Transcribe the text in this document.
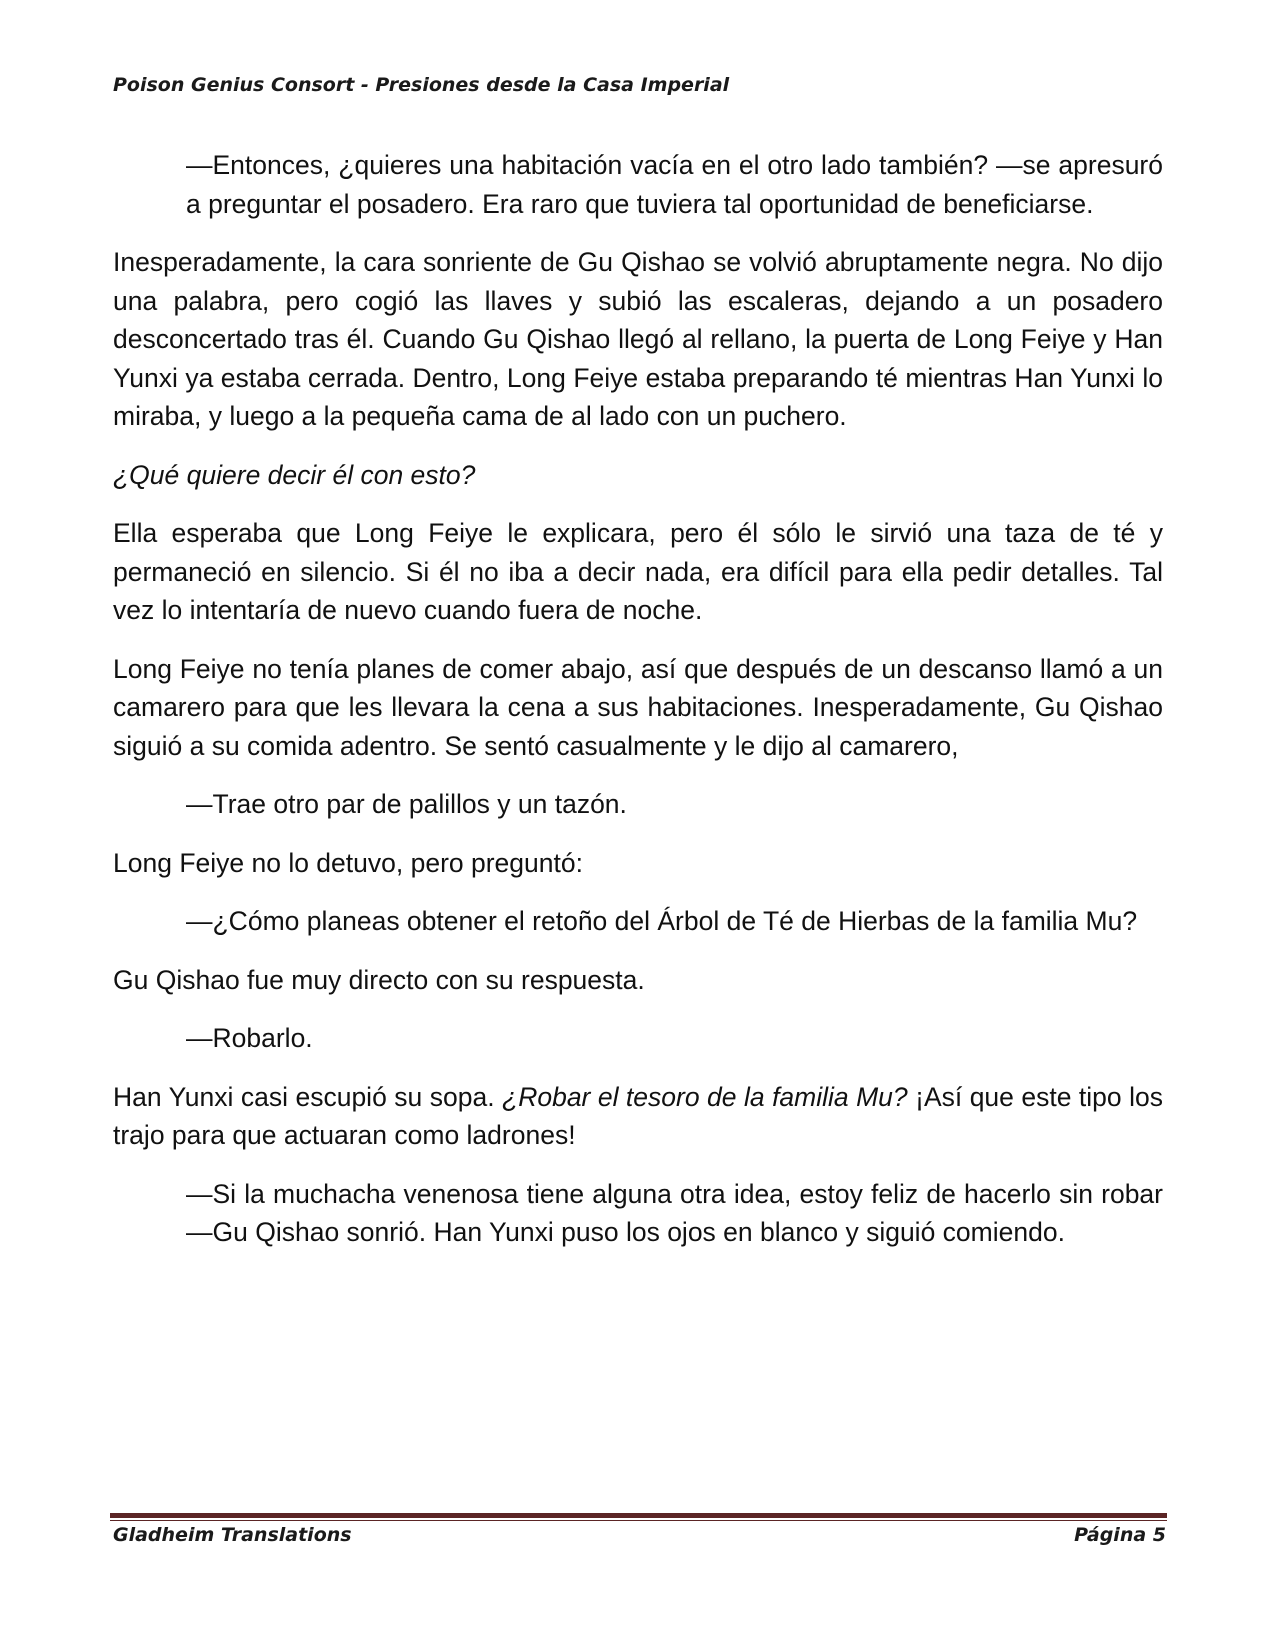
Poison Genius Consort - Presiones desde la Casa Imperial

—Entonces, ¿quieres una habitación vacía en el otro lado también? —se apresuró a preguntar el posadero. Era raro que tuviera tal oportunidad de beneficiarse.

Inesperadamente, la cara sonriente de Gu Qishao se volvió abruptamente negra. No dijo una palabra, pero cogió las llaves y subió las escaleras, dejando a un posadero desconcertado tras él. Cuando Gu Qishao llegó al rellano, la puerta de Long Feiye y Han Yunxi ya estaba cerrada. Dentro, Long Feiye estaba preparando té mientras Han Yunxi lo miraba, y luego a la pequeña cama de al lado con un puchero.

¿Qué quiere decir él con esto?

Ella esperaba que Long Feiye le explicara, pero él sólo le sirvió una taza de té y permaneció en silencio. Si él no iba a decir nada, era difícil para ella pedir detalles. Tal vez lo intentaría de nuevo cuando fuera de noche.

Long Feiye no tenía planes de comer abajo, así que después de un descanso llamó a un camarero para que les llevara la cena a sus habitaciones. Inesperadamente, Gu Qishao siguió a su comida adentro. Se sentó casualmente y le dijo al camarero,

—Trae otro par de palillos y un tazón.

Long Feiye no lo detuvo, pero preguntó:

—¿Cómo planeas obtener el retoño del Árbol de Té de Hierbas de la familia Mu?

Gu Qishao fue muy directo con su respuesta.

—Robarlo.

Han Yunxi casi escupió su sopa. ¿Robar el tesoro de la familia Mu? ¡Así que este tipo los trajo para que actuaran como ladrones!

—Si la muchacha venenosa tiene alguna otra idea, estoy feliz de hacerlo sin robar —Gu Qishao sonrió. Han Yunxi puso los ojos en blanco y siguió comiendo.

Gladheim Translations	Página 5
